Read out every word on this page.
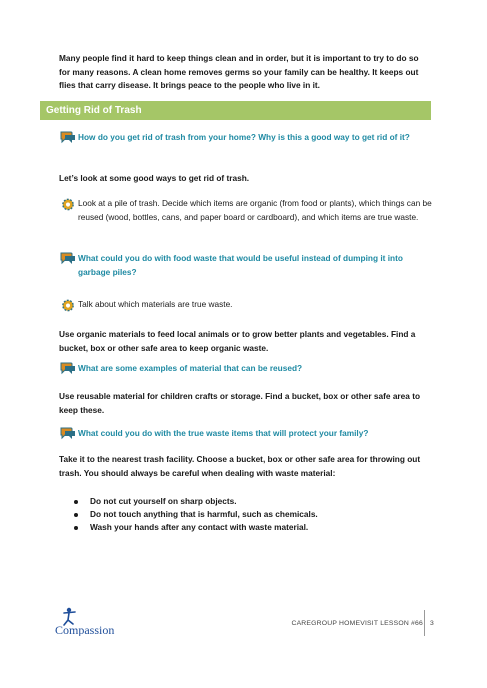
Many people find it hard to keep things clean and in order, but it is important to try to do so for many reasons. A clean home removes germs so your family can be healthy. It keeps out flies that carry disease. It brings peace to the people who live in it.

Getting Rid of Trash
How do you get rid of trash from your home? Why is this a good way to get rid of it?

Let’s look at some good ways to get rid of trash.

Look at a pile of trash. Decide which items are organic (from food or plants), which things can be reused (wood, bottles, cans, and paper board or cardboard), and which items are true waste.
What could you do with food waste that would be useful instead of dumping it into garbage piles?
Talk about which materials are true waste.

Use organic materials to feed local animals or to grow better plants and vegetables. Find a bucket, box or other safe area to keep organic waste.

What are some examples of material that can be reused?

Use reusable material for children crafts or storage. Find a bucket, box or other safe area to keep these.

What could you do with the true waste items that will protect your family?

Take it to the nearest trash facility. Choose a bucket, box or other safe area for throwing out trash. You should always be careful when dealing with waste material:

Do not cut yourself on sharp objects.
Do not touch anything that is harmful, such as chemicals.
Wash your hands after any contact with waste material.
Compassion	CAREGROUP HOMEVISIT LESSON #66 3
